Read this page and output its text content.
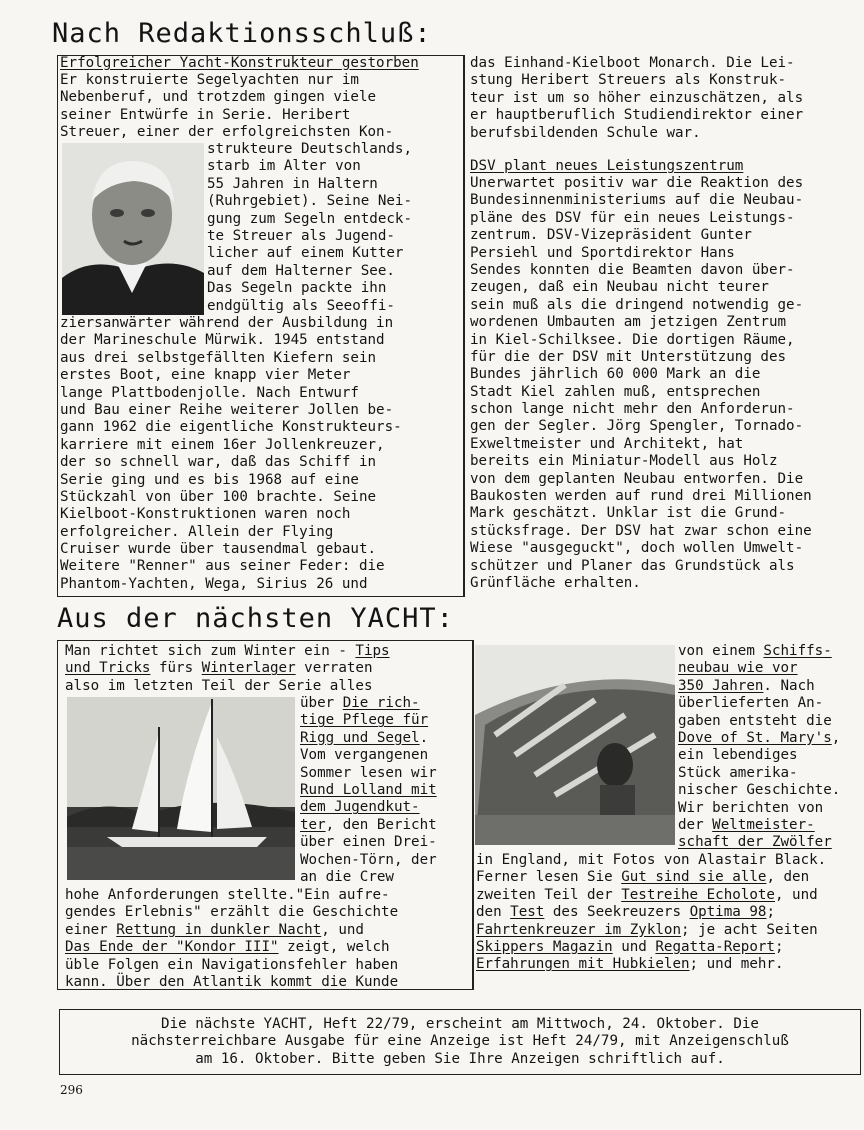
Nach Redaktionsschluß:
Aus der nächsten YACHT:
Erfolgreicher Yacht-Konstrukteur gestorben
Er konstruierte Segelyachten nur im
Nebenberuf, und trotzdem gingen viele
seiner Entwürfe in Serie. Heribert
Streuer, einer der erfolgreichsten Kon-
strukteure Deutschlands,
starb im Alter von
55 Jahren in Haltern
(Ruhrgebiet). Seine Nei-
gung zum Segeln entdeck-
te Streuer als Jugend-
licher auf einem Kutter
auf dem Halterner See.
Das Segeln packte ihn
endgültig als Seeoffi-
ziersanwärter während der Ausbildung in
der Marineschule Mürwik. 1945 entstand
aus drei selbstgefällten Kiefern sein
erstes Boot, eine knapp vier Meter
lange Plattbodenjolle. Nach Entwurf
und Bau einer Reihe weiterer Jollen be-
gann 1962 die eigentliche Konstrukteurs-
karriere mit einem 16er Jollenkreuzer,
der so schnell war, daß das Schiff in
Serie ging und es bis 1968 auf eine
Stückzahl von über 100 brachte. Seine
Kielboot-Konstruktionen waren noch
erfolgreicher. Allein der Flying
Cruiser wurde über tausendmal gebaut.
Weitere "Renner" aus seiner Feder: die
Phantom-Yachten, Wega, Sirius 26 und
das Einhand-Kielboot Monarch. Die Lei-
stung Heribert Streuers als Konstruk-
teur ist um so höher einzuschätzen, als
er hauptberuflich Studiendirektor einer
berufsbildenden Schule war.
DSV plant neues Leistungszentrum
Unerwartet positiv war die Reaktion des
Bundesinnenministeriums auf die Neubau-
pläne des DSV für ein neues Leistungs-
zentrum. DSV-Vizepräsident Gunter
Persiehl und Sportdirektor Hans
Sendes konnten die Beamten davon über-
zeugen, daß ein Neubau nicht teurer
sein muß als die dringend notwendig ge-
wordenen Umbauten am jetzigen Zentrum
in Kiel-Schilksee. Die dortigen Räume,
für die der DSV mit Unterstützung des
Bundes jährlich 60 000 Mark an die
Stadt Kiel zahlen muß, entsprechen
schon lange nicht mehr den Anforderun-
gen der Segler. Jörg Spengler, Tornado-
Exweltmeister und Architekt, hat
bereits ein Miniatur-Modell aus Holz
von dem geplanten Neubau entworfen. Die
Baukosten werden auf rund drei Millionen
Mark geschätzt. Unklar ist die Grund-
stücksfrage. Der DSV hat zwar schon eine
Wiese "ausgeguckt", doch wollen Umwelt-
schützer und Planer das Grundstück als
Grünfläche erhalten.
Man richtet sich zum Winter ein - Tips
und Tricks fürs Winterlager verraten
also im letzten Teil der Serie alles
über Die rich-
tige Pflege für
Rigg und Segel.
Vom vergangenen
Sommer lesen wir
Rund Lolland mit
dem Jugendkut-
ter, den Bericht
über einen Drei-
Wochen-Törn, der
an die Crew
hohe Anforderungen stellte."Ein aufre-
gendes Erlebnis" erzählt die Geschichte
einer Rettung in dunkler Nacht, und
Das Ende der "Kondor III" zeigt, welch
üble Folgen ein Navigationsfehler haben
kann. Über den Atlantik kommt die Kunde
von einem Schiffs-
neubau wie vor
350 Jahren. Nach
überlieferten An-
gaben entsteht die
Dove of St. Mary's,
ein lebendiges
Stück amerika-
nischer Geschichte.
Wir berichten von
der Weltmeister-
schaft der Zwölfer
in England, mit Fotos von Alastair Black.
Ferner lesen Sie Gut sind sie alle, den
zweiten Teil der Testreihe Echolote, und
den Test des Seekreuzers Optima 98;
Fahrtenkreuzer im Zyklon; je acht Seiten
Skippers Magazin und Regatta-Report;
Erfahrungen mit Hubkielen; und mehr.
Die nächste YACHT, Heft 22/79, erscheint am Mittwoch, 24. Oktober. Die
nächsterreichbare Ausgabe für eine Anzeige ist Heft 24/79, mit Anzeigenschluß
am 16. Oktober. Bitte geben Sie Ihre Anzeigen schriftlich auf.
296
